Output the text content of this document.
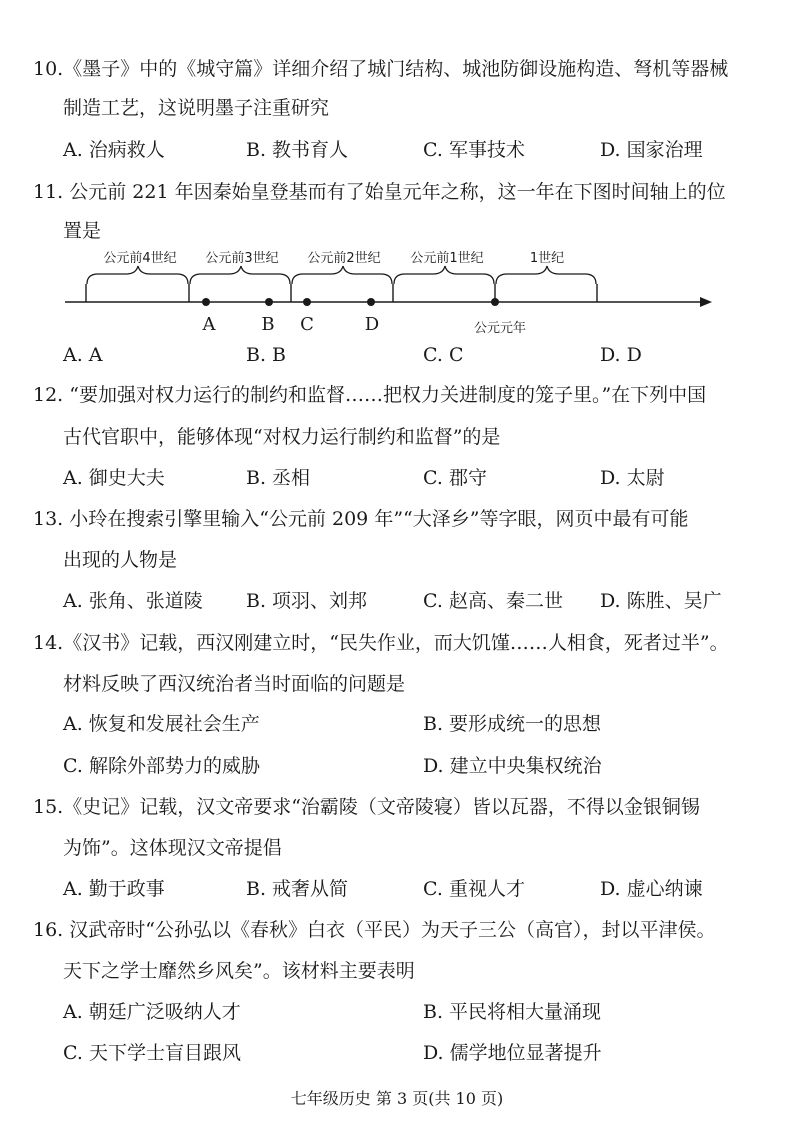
10.《墨子》中的《城守篇》详细介绍了城门结构、城池防御设施构造、弩机等器械
制造工艺，这说明墨子注重研究
A. 治病救人	B. 教书育人	C. 军事技术	D. 国家治理
11. 公元前 221 年因秦始皇登基而有了始皇元年之称，这一年在下图时间轴上的位
置是
公元前4世纪 公元前3世纪 公元前2世纪 公元前1世纪	1世纪
A	B C	D	公元元年
A. A	B. B	C. C	D. D
12. “要加强对权力运行的制约和监督……把权力关进制度的笼子里。”在下列中国
古代官职中，能够体现“对权力运行制约和监督”的是
A. 御史大夫	B. 丞相	C. 郡守	D. 太尉
13. 小玲在搜索引擎里输入“公元前 209 年”“大泽乡”等字眼，网页中最有可能
出现的人物是
A. 张角、张道陵 B. 项羽、刘邦	C. 赵高、秦二世 D. 陈胜、吴广
14.《汉书》记载，西汉刚建立时，“民失作业，而大饥馑……人相食，死者过半”。
材料反映了西汉统治者当时面临的问题是
A. 恢复和发展社会生产	B. 要形成统一的思想
C. 解除外部势力的威胁	D. 建立中央集权统治
15.《史记》记载，汉文帝要求“治霸陵（文帝陵寝）皆以瓦器，不得以金银铜锡
为饰”。这体现汉文帝提倡
A. 勤于政事	B. 戒奢从简	C. 重视人才	D. 虚心纳谏
16. 汉武帝时“公孙弘以《春秋》白衣（平民）为天子三公（高官），封以平津侯。
天下之学士靡然乡风矣”。该材料主要表明
A. 朝廷广泛吸纳人才	B. 平民将相大量涌现
C. 天下学士盲目跟风	D. 儒学地位显著提升
七年级历史 第 3 页(共 10 页)
